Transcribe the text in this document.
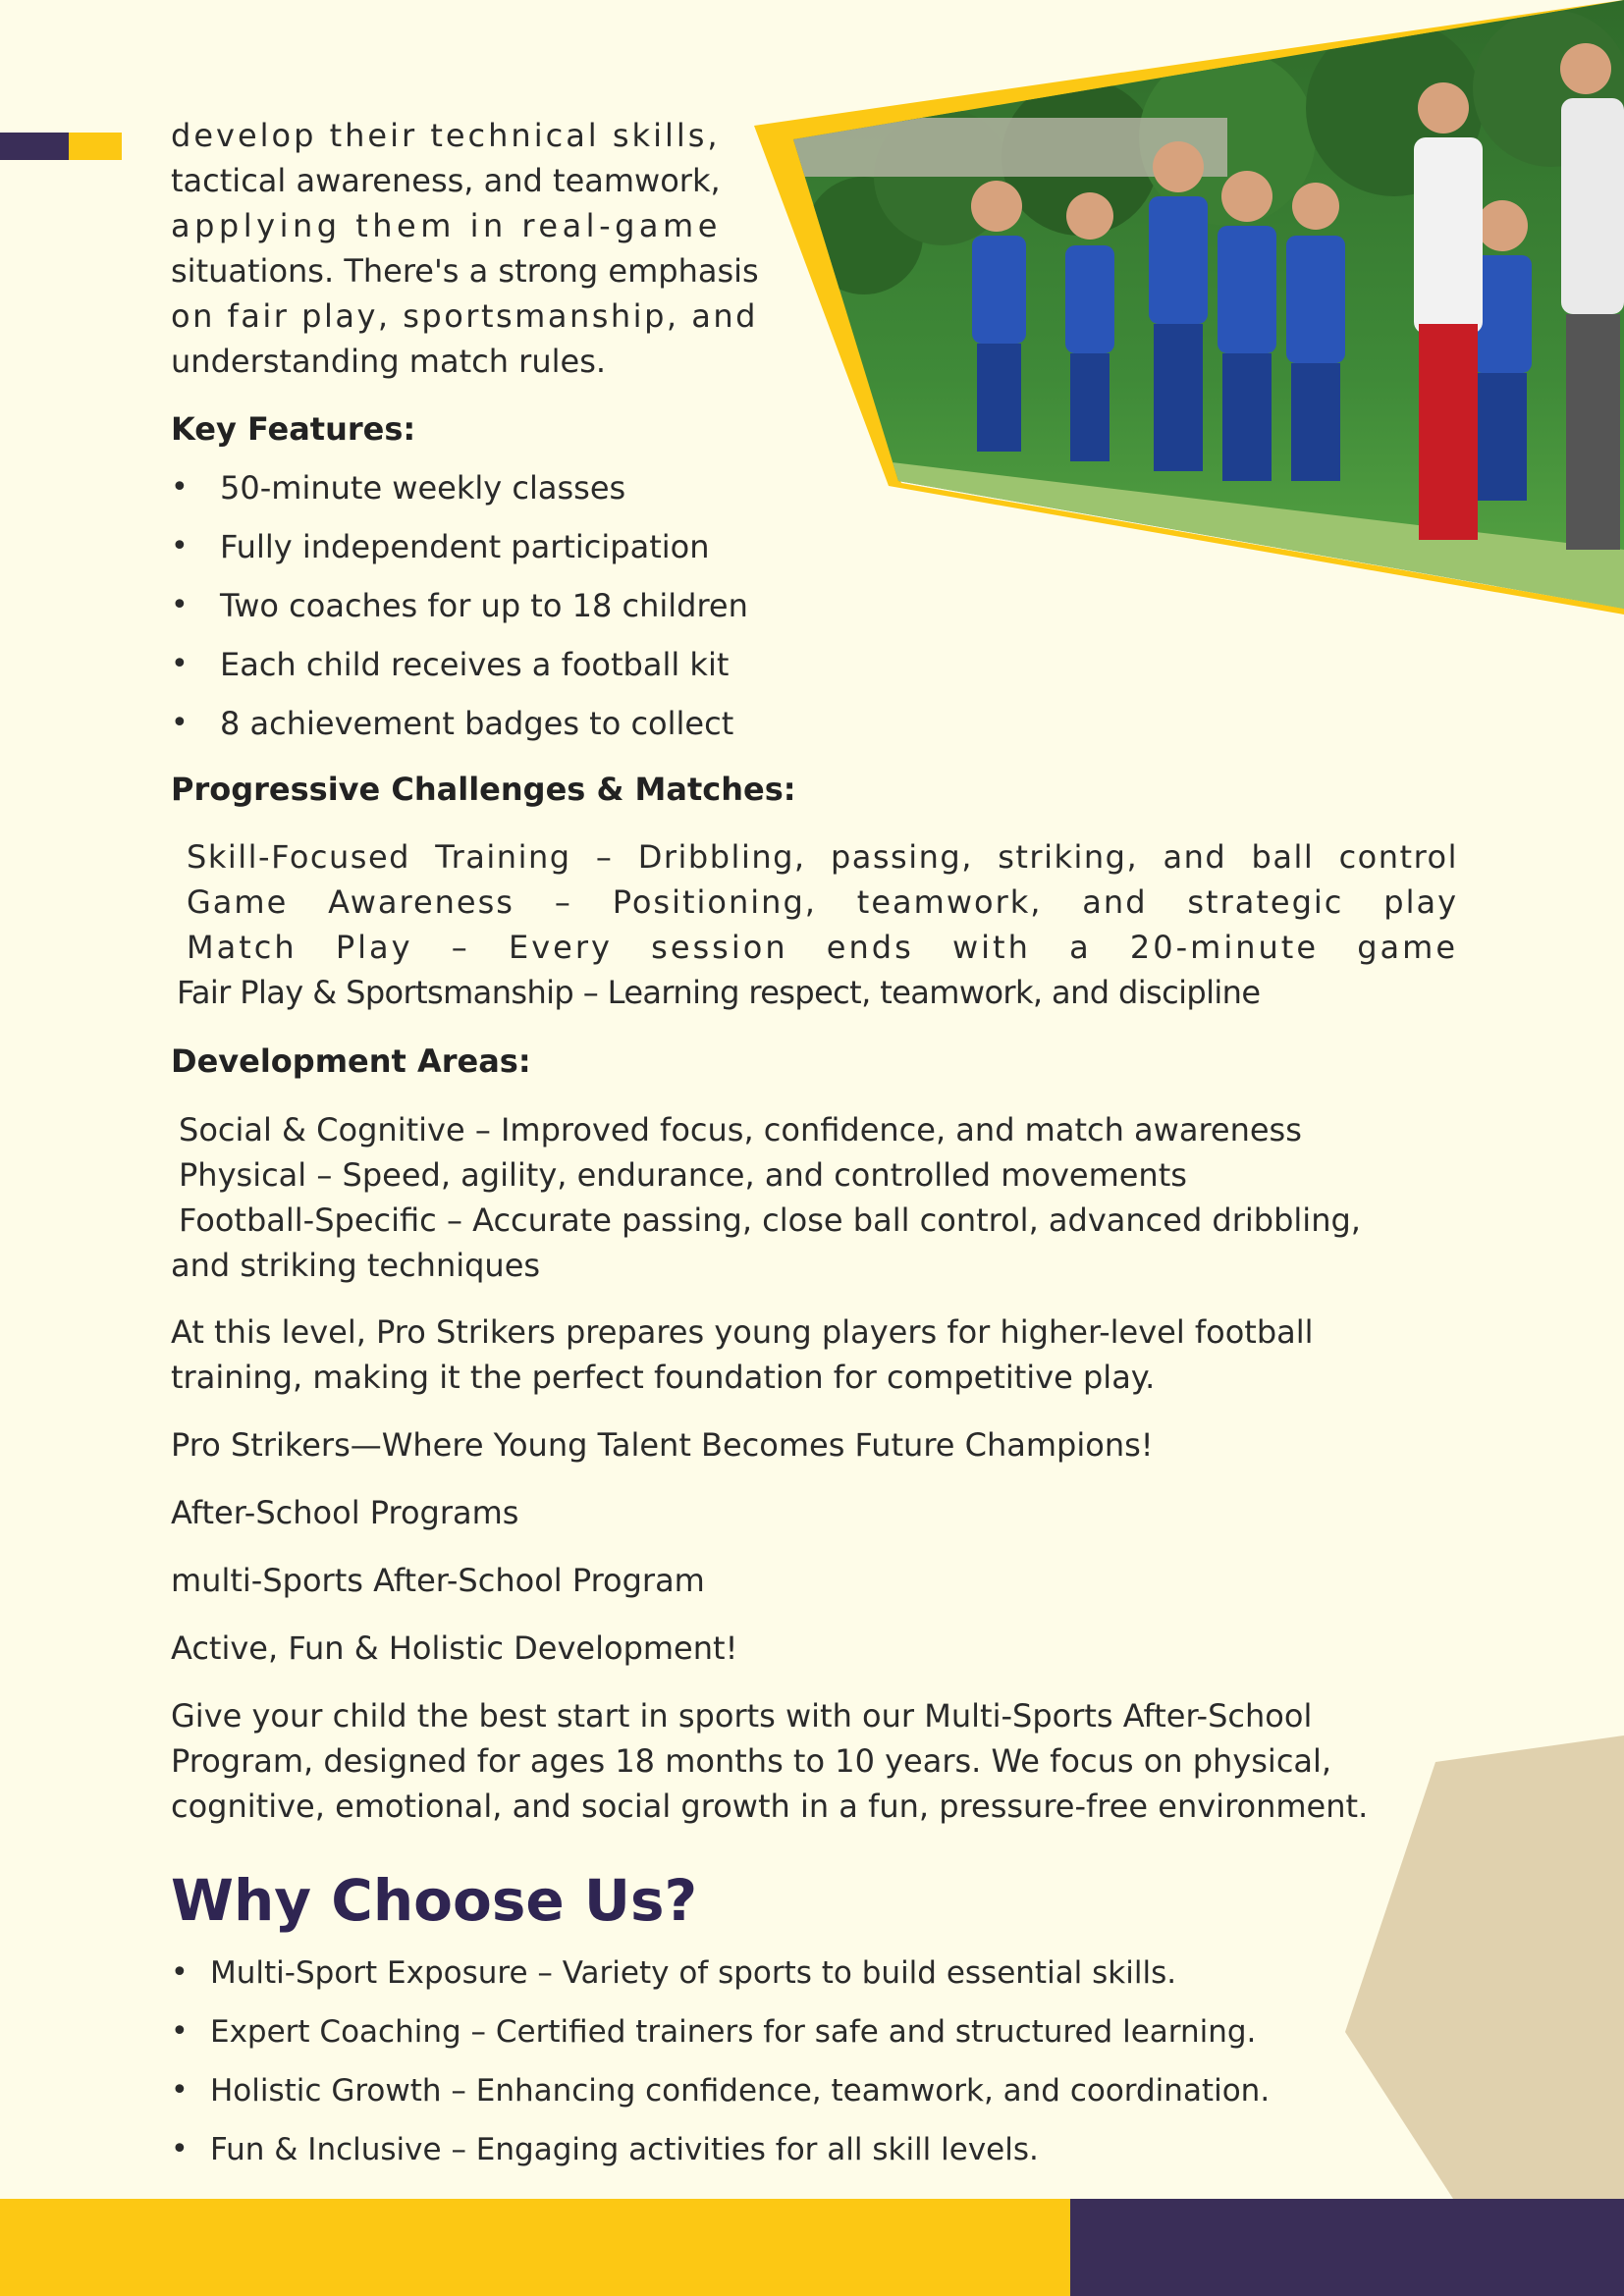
develop their technical skills,
tactical awareness, and teamwork,
applying them in real-game
situations. There's a strong emphasis
on fair play, sportsmanship, and
understanding match rules.
Key Features:
• 50-minute weekly classes
• Fully independent participation
• Two coaches for up to 18 children
• Each child receives a football kit
• 8 achievement badges to collect
Progressive Challenges & Matches:
Skill-Focused Training – Dribbling, passing, striking, and ball control
Game Awareness – Positioning, teamwork, and strategic play
Match Play – Every session ends with a 20-minute game
Fair Play & Sportsmanship – Learning respect, teamwork, and discipline
Development Areas:
Social & Cognitive – Improved focus, confidence, and match awareness
Physical – Speed, agility, endurance, and controlled movements
Football-Specific – Accurate passing, close ball control, advanced dribbling,
and striking techniques
At this level, Pro Strikers prepares young players for higher-level football
training, making it the perfect foundation for competitive play.
Pro Strikers—Where Young Talent Becomes Future Champions!
After-School Programs
multi-Sports After-School Program
Active, Fun & Holistic Development!
Give your child the best start in sports with our Multi-Sports After-School
Program, designed for ages 18 months to 10 years. We focus on physical,
cognitive, emotional, and social growth in a fun, pressure-free environment.
Why Choose Us?
• Multi-Sport Exposure – Variety of sports to build essential skills.
• Expert Coaching – Certified trainers for safe and structured learning.
• Holistic Growth – Enhancing confidence, teamwork, and coordination.
• Fun & Inclusive – Engaging activities for all skill levels.
